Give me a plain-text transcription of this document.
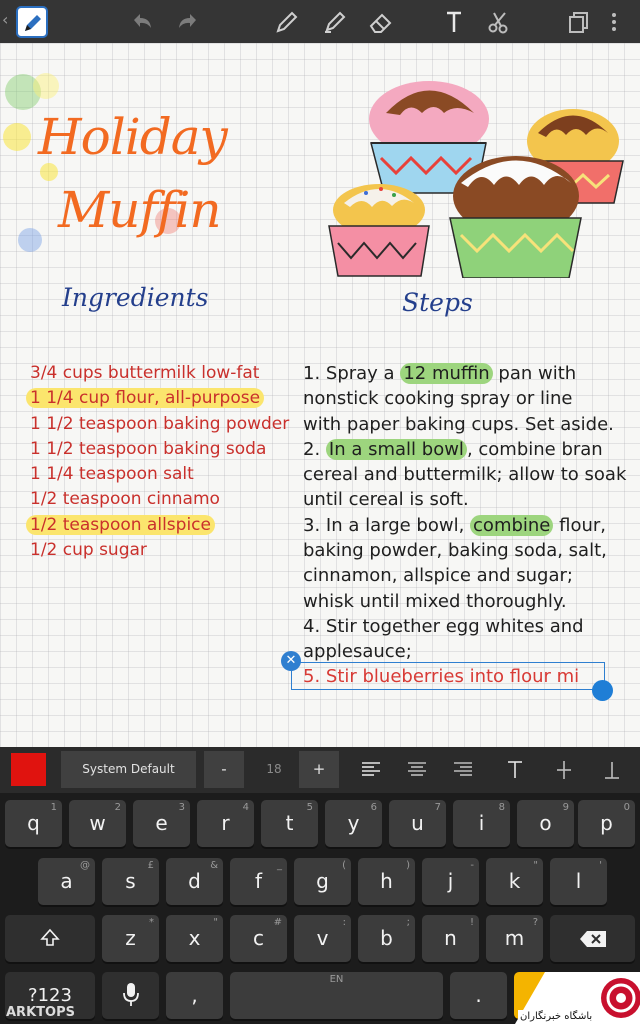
‹
Holiday
Muffin
Ingredients	Steps
3/4 cups buttermilk low-fat
1 1/4 cup flour, all-purpose
1 1/2 teaspoon baking powder
1 1/2 teaspoon baking soda
1 1/4 teaspoon salt
1/2 teaspoon cinnamo
1/2 teaspoon allspice
1/2 cup sugar
1. Spray a 12 muffin pan with
nonstick cooking spray or line
with paper baking cups. Set aside.
2. In a small bowl , combine bran
cereal and buttermilk; allow to soak
until cereal is soft.
3. In a large bowl, combine flour,
baking powder, baking soda, salt,
cinnamon, allspice and sugar;
whisk until mixed thoroughly.
4. Stir together egg whites and
applesauce;
5. Stir blueberries into flour mi
✕
System Default	-	18	+
q
1
w
2
e
3
r
4
t
5
y
6
u
7
i
8
o
9
p
0
a
@
s
£
d
&
f
_
g
(
h
)
j
-
k
"
l
'
z
*
x
"
c
#
v
:
b
;
n
!
m
?
?123	,
EN
.
ARKTOPS	باشگاه خبرنگاران
